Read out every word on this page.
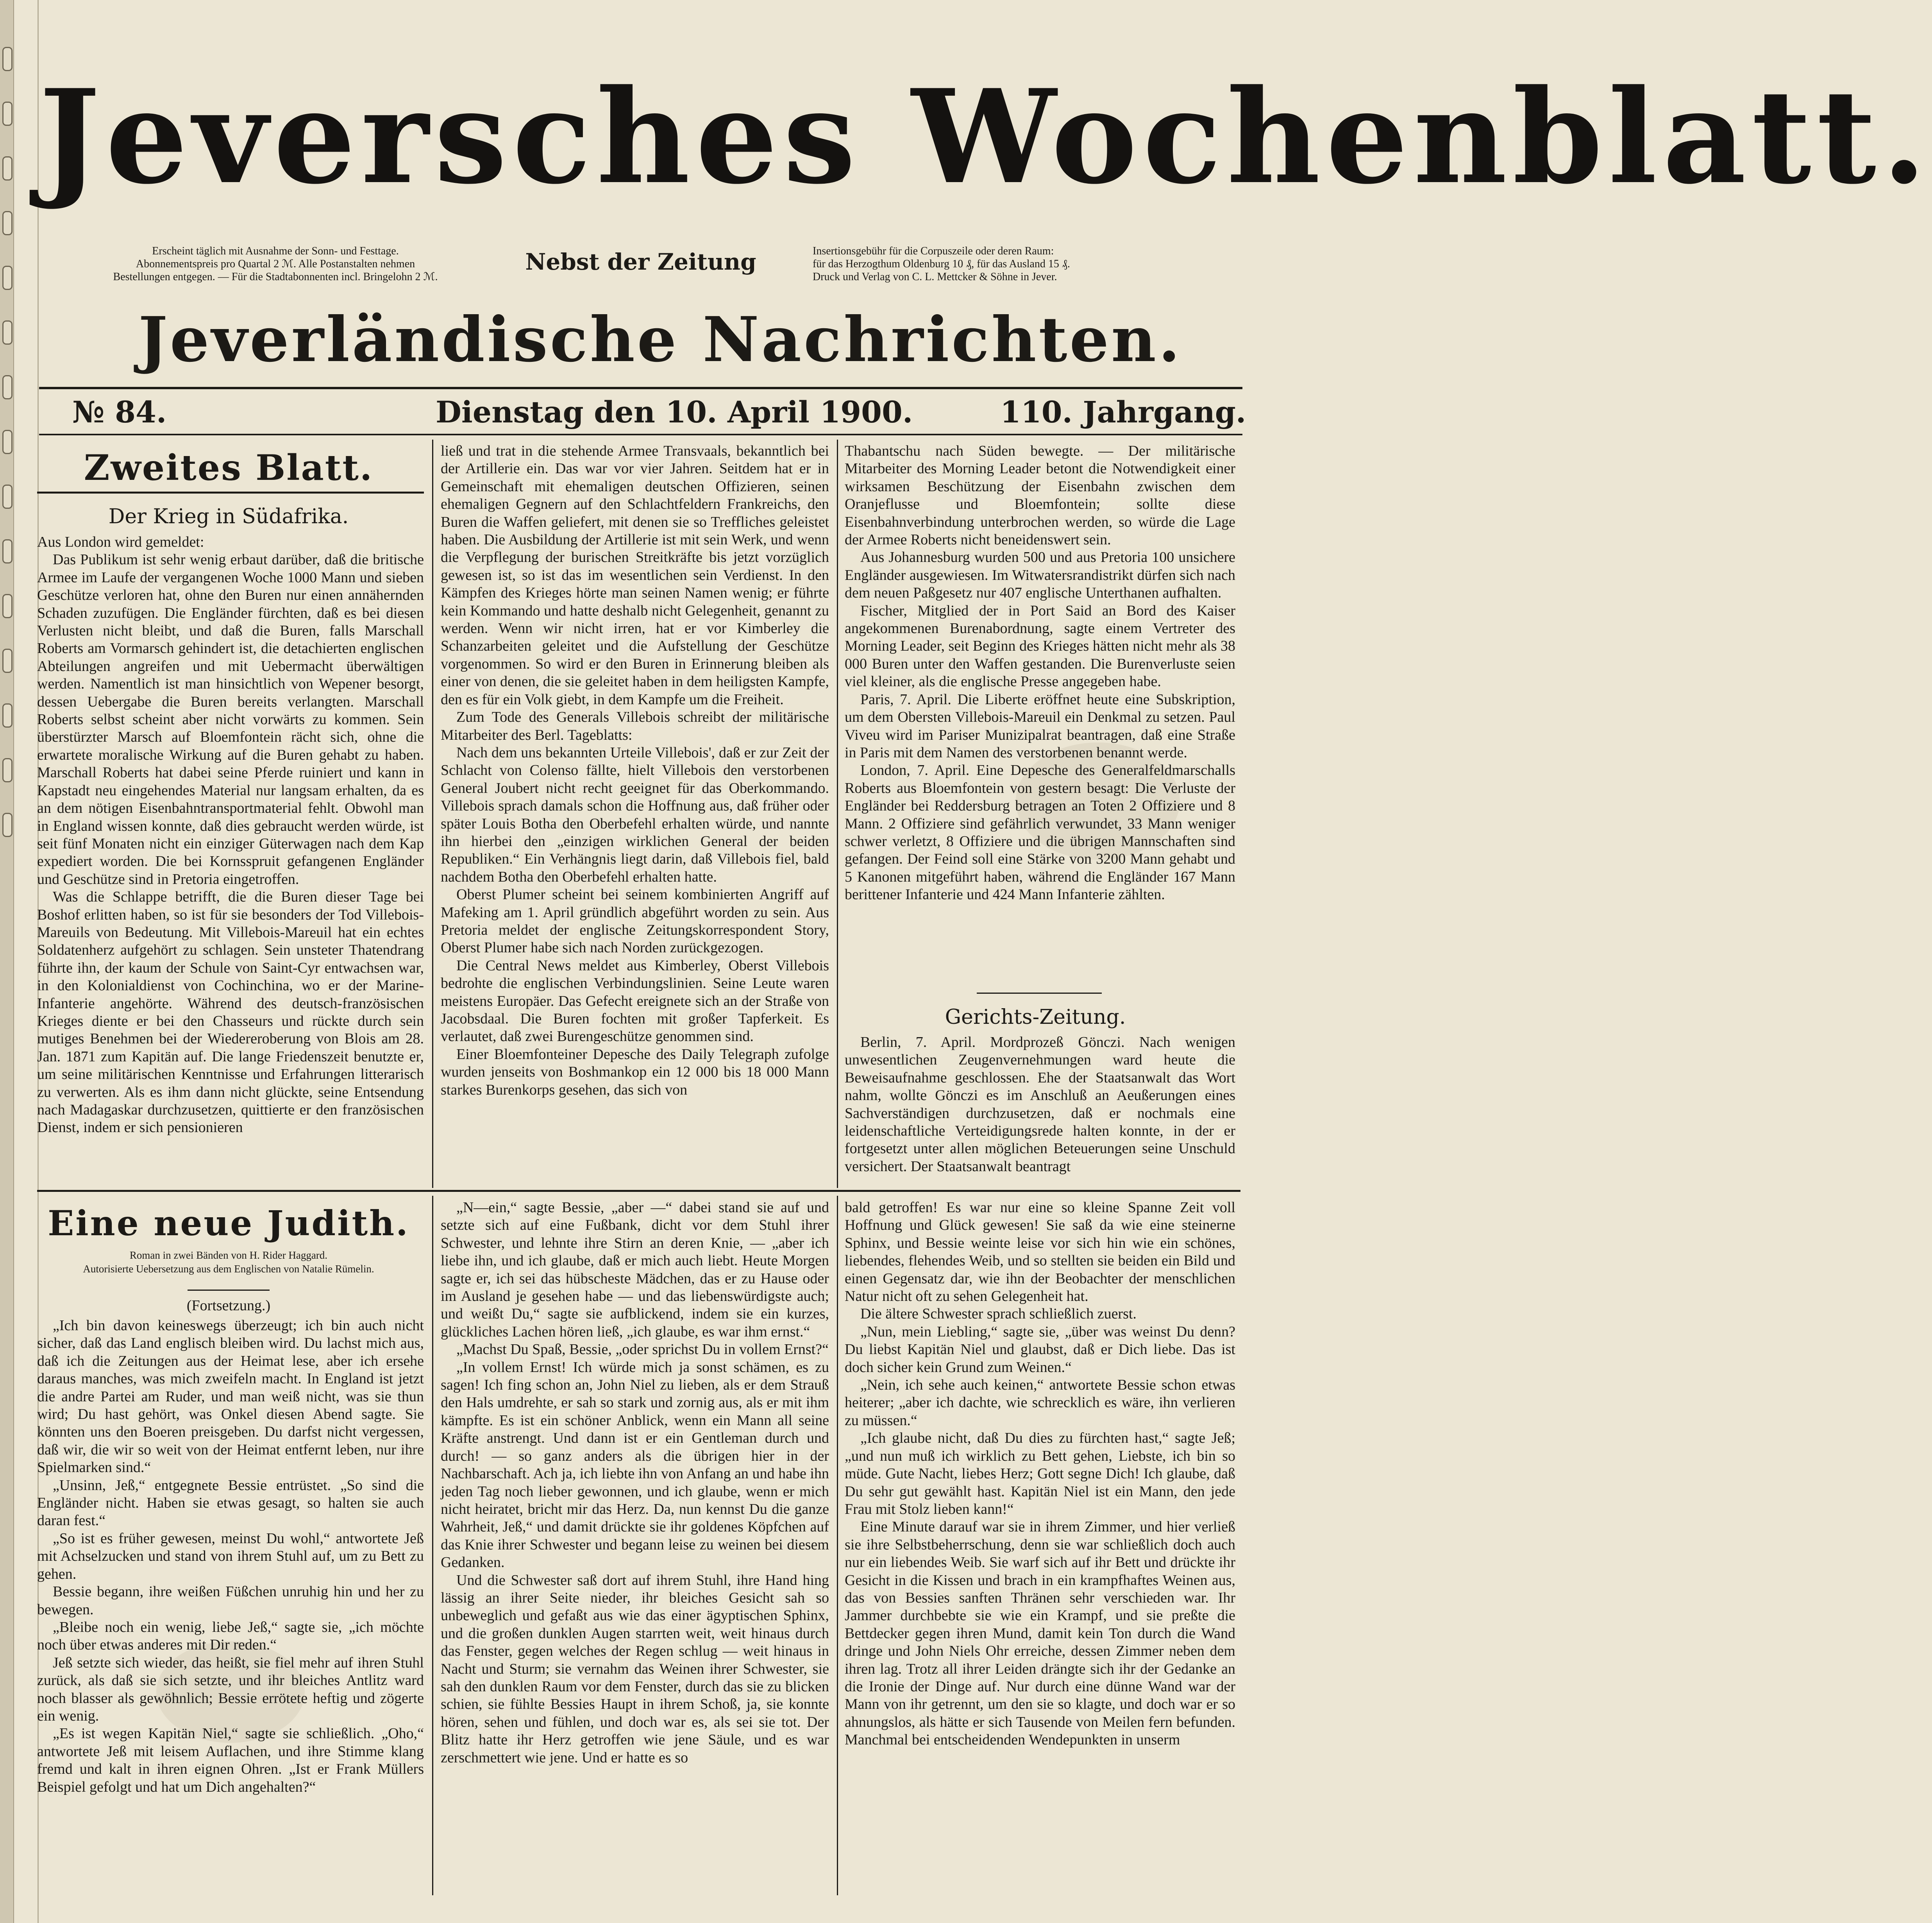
Jeversches Wochenblatt.
Erscheint täglich mit Ausnahme der Sonn- und Festtage.
Abonnementspreis pro Quartal 2 ℳ. Alle Postanstalten nehmen
Bestellungen entgegen. — Für die Stadtabonnenten incl. Bringelohn 2 ℳ.
Nebst der Zeitung	Insertionsgebühr für die Corpuszeile oder deren Raum:
für das Herzogthum Oldenburg 10 ₰, für das Ausland 15 ₰.
Druck und Verlag von C. L. Mettcker & Söhne in Jever.
Jeverländische Nachrichten.
№ 84.	Dienstag den 10. April 1900.	110. Jahrgang.
Zweites Blatt.
Der Krieg in Südafrika.

Aus London wird gemeldet:

Das Publikum ist sehr wenig erbaut darüber, daß die britische Armee im Laufe der vergangenen Woche 1000 Mann und sieben Geschütze verloren hat, ohne den Buren nur einen annähernden Schaden zuzufügen. Die Engländer fürchten, daß es bei diesen Verlusten nicht bleibt, und daß die Buren, falls Marschall Roberts am Vormarsch gehindert ist, die detachierten englischen Abteilungen angreifen und mit Uebermacht überwältigen werden. Namentlich ist man hinsichtlich von Wepener besorgt, dessen Uebergabe die Buren bereits verlangten. Marschall Roberts selbst scheint aber nicht vorwärts zu kommen. Sein überstürzter Marsch auf Bloemfontein rächt sich, ohne die erwartete moralische Wirkung auf die Buren gehabt zu haben. Marschall Roberts hat dabei seine Pferde ruiniert und kann in Kapstadt neu eingehendes Material nur langsam erhalten, da es an dem nötigen Eisenbahntransportmaterial fehlt. Obwohl man in England wissen konnte, daß dies gebraucht werden würde, ist seit fünf Monaten nicht ein einziger Güterwagen nach dem Kap expediert worden. Die bei Kornsspruit gefangenen Engländer und Geschütze sind in Pretoria eingetroffen.

Was die Schlappe betrifft, die die Buren dieser Tage bei Boshof erlitten haben, so ist für sie besonders der Tod Villebois-Mareuils von Bedeutung. Mit Villebois-Mareuil hat ein echtes Soldatenherz aufgehört zu schlagen. Sein unsteter Thatendrang führte ihn, der kaum der Schule von Saint-Cyr entwachsen war, in den Kolonialdienst von Cochinchina, wo er der Marine-Infanterie angehörte. Während des deutsch-französischen Krieges diente er bei den Chasseurs und rückte durch sein mutiges Benehmen bei der Wiedereroberung von Blois am 28. Jan. 1871 zum Kapitän auf. Die lange Friedenszeit benutzte er, um seine militärischen Kenntnisse und Erfahrungen litterarisch zu verwerten. Als es ihm dann nicht glückte, seine Entsendung nach Madagaskar durchzusetzen, quittierte er den französischen Dienst, indem er sich pensionieren

ließ und trat in die stehende Armee Transvaals, bekanntlich bei der Artillerie ein. Das war vor vier Jahren. Seitdem hat er in Gemeinschaft mit ehemaligen deutschen Offizieren, seinen ehemaligen Gegnern auf den Schlachtfeldern Frankreichs, den Buren die Waffen geliefert, mit denen sie so Treffliches geleistet haben. Die Ausbildung der Artillerie ist mit sein Werk, und wenn die Verpflegung der burischen Streitkräfte bis jetzt vorzüglich gewesen ist, so ist das im wesentlichen sein Verdienst. In den Kämpfen des Krieges hörte man seinen Namen wenig; er führte kein Kommando und hatte deshalb nicht Gelegenheit, genannt zu werden. Wenn wir nicht irren, hat er vor Kimberley die Schanzarbeiten geleitet und die Aufstellung der Geschütze vorgenommen. So wird er den Buren in Erinnerung bleiben als einer von denen, die sie geleitet haben in dem heiligsten Kampfe, den es für ein Volk giebt, in dem Kampfe um die Freiheit.

Zum Tode des Generals Villebois schreibt der militärische Mitarbeiter des Berl. Tageblatts:

Nach dem uns bekannten Urteile Villebois', daß er zur Zeit der Schlacht von Colenso fällte, hielt Villebois den verstorbenen General Joubert nicht recht geeignet für das Oberkommando. Villebois sprach damals schon die Hoffnung aus, daß früher oder später Louis Botha den Oberbefehl erhalten würde, und nannte ihn hierbei den „einzigen wirklichen General der beiden Republiken.“ Ein Verhängnis liegt darin, daß Villebois fiel, bald nachdem Botha den Oberbefehl erhalten hatte.

Oberst Plumer scheint bei seinem kombinierten Angriff auf Mafeking am 1. April gründlich abgeführt worden zu sein. Aus Pretoria meldet der englische Zeitungskorrespondent Story, Oberst Plumer habe sich nach Norden zurückgezogen.

Die Central News meldet aus Kimberley, Oberst Villebois bedrohte die englischen Verbindungslinien. Seine Leute waren meistens Europäer. Das Gefecht ereignete sich an der Straße von Jacobsdaal. Die Buren fochten mit großer Tapferkeit. Es verlautet, daß zwei Burengeschütze genommen sind.

Einer Bloemfonteiner Depesche des Daily Telegraph zufolge wurden jenseits von Boshmankop ein 12 000 bis 18 000 Mann starkes Burenkorps gesehen, das sich von

Thabantschu nach Süden bewegte. — Der militärische Mitarbeiter des Morning Leader betont die Notwendigkeit einer wirksamen Beschützung der Eisenbahn zwischen dem Oranjeflusse und Bloemfontein; sollte diese Eisenbahnverbindung unterbrochen werden, so würde die Lage der Armee Roberts nicht beneidenswert sein.

Aus Johannesburg wurden 500 und aus Pretoria 100 unsichere Engländer ausgewiesen. Im Witwatersrandistrikt dürfen sich nach dem neuen Paßgesetz nur 407 englische Unterthanen aufhalten.

Fischer, Mitglied der in Port Said an Bord des Kaiser angekommenen Burenabordnung, sagte einem Vertreter des Morning Leader, seit Beginn des Krieges hätten nicht mehr als 38 000 Buren unter den Waffen gestanden. Die Burenverluste seien viel kleiner, als die englische Presse angegeben habe.

Paris, 7. April. Die Liberte eröffnet heute eine Subskription, um dem Obersten Villebois-Mareuil ein Denkmal zu setzen. Paul Viveu wird im Pariser Munizipalrat beantragen, daß eine Straße in Paris mit dem Namen des verstorbenen benannt werde.

London, 7. April. Eine Depesche des Generalfeldmarschalls Roberts aus Bloemfontein von gestern besagt: Die Verluste der Engländer bei Reddersburg betragen an Toten 2 Offiziere und 8 Mann. 2 Offiziere sind gefährlich verwundet, 33 Mann weniger schwer verletzt, 8 Offiziere und die übrigen Mannschaften sind gefangen. Der Feind soll eine Stärke von 3200 Mann gehabt und 5 Kanonen mitgeführt haben, während die Engländer 167 Mann berittener Infanterie und 424 Mann Infanterie zählten.

Gerichts-Zeitung.

Berlin, 7. April. Mordprozeß Gönczi. Nach wenigen unwesentlichen Zeugenvernehmungen ward heute die Beweisaufnahme geschlossen. Ehe der Staatsanwalt das Wort nahm, wollte Gönczi es im Anschluß an Aeußerungen eines Sachverständigen durchzusetzen, daß er nochmals eine leidenschaftliche Verteidigungsrede halten konnte, in der er fortgesetzt unter allen möglichen Beteuerungen seine Unschuld versichert. Der Staatsanwalt beantragt

Eine neue Judith.
Roman in zwei Bänden von H. Rider Haggard.
Autorisierte Uebersetzung aus dem Englischen von Natalie Rümelin.
(Fortsetzung.)

„Ich bin davon keineswegs überzeugt; ich bin auch nicht sicher, daß das Land englisch bleiben wird. Du lachst mich aus, daß ich die Zeitungen aus der Heimat lese, aber ich ersehe daraus manches, was mich zweifeln macht. In England ist jetzt die andre Partei am Ruder, und man weiß nicht, was sie thun wird; Du hast gehört, was Onkel diesen Abend sagte. Sie könnten uns den Boeren preisgeben. Du darfst nicht vergessen, daß wir, die wir so weit von der Heimat entfernt leben, nur ihre Spielmarken sind.“

„Unsinn, Jeß,“ entgegnete Bessie entrüstet. „So sind die Engländer nicht. Haben sie etwas gesagt, so halten sie auch daran fest.“

„So ist es früher gewesen, meinst Du wohl,“ antwortete Jeß mit Achselzucken und stand von ihrem Stuhl auf, um zu Bett zu gehen.

Bessie begann, ihre weißen Füßchen unruhig hin und her zu bewegen.

„Bleibe noch ein wenig, liebe Jeß,“ sagte sie, „ich möchte noch über etwas anderes mit Dir reden.“

Jeß setzte sich wieder, das heißt, sie fiel mehr auf ihren Stuhl zurück, als daß sie sich setzte, und ihr bleiches Antlitz ward noch blasser als gewöhnlich; Bessie errötete heftig und zögerte ein wenig.

„Es ist wegen Kapitän Niel,“ sagte sie schließlich. „Oho,“ antwortete Jeß mit leisem Auflachen, und ihre Stimme klang fremd und kalt in ihren eignen Ohren. „Ist er Frank Müllers Beispiel gefolgt und hat um Dich angehalten?“

„N—ein,“ sagte Bessie, „aber —“ dabei stand sie auf und setzte sich auf eine Fußbank, dicht vor dem Stuhl ihrer Schwester, und lehnte ihre Stirn an deren Knie, — „aber ich liebe ihn, und ich glaube, daß er mich auch liebt. Heute Morgen sagte er, ich sei das hübscheste Mädchen, das er zu Hause oder im Ausland je gesehen habe — und das liebenswürdigste auch; und weißt Du,“ sagte sie aufblickend, indem sie ein kurzes, glückliches Lachen hören ließ, „ich glaube, es war ihm ernst.“

„Machst Du Spaß, Bessie, „oder sprichst Du in vollem Ernst?“

„In vollem Ernst! Ich würde mich ja sonst schämen, es zu sagen! Ich fing schon an, John Niel zu lieben, als er dem Strauß den Hals umdrehte, er sah so stark und zornig aus, als er mit ihm kämpfte. Es ist ein schöner Anblick, wenn ein Mann all seine Kräfte anstrengt. Und dann ist er ein Gentleman durch und durch! — so ganz anders als die übrigen hier in der Nachbarschaft. Ach ja, ich liebte ihn von Anfang an und habe ihn jeden Tag noch lieber gewonnen, und ich glaube, wenn er mich nicht heiratet, bricht mir das Herz. Da, nun kennst Du die ganze Wahrheit, Jeß,“ und damit drückte sie ihr goldenes Köpfchen auf das Knie ihrer Schwester und begann leise zu weinen bei diesem Gedanken.

Und die Schwester saß dort auf ihrem Stuhl, ihre Hand hing lässig an ihrer Seite nieder, ihr bleiches Gesicht sah so unbeweglich und gefaßt aus wie das einer ägyptischen Sphinx, und die großen dunklen Augen starrten weit, weit hinaus durch das Fenster, gegen welches der Regen schlug — weit hinaus in Nacht und Sturm; sie vernahm das Weinen ihrer Schwester, sie sah den dunklen Raum vor dem Fenster, durch das sie zu blicken schien, sie fühlte Bessies Haupt in ihrem Schoß, ja, sie konnte hören, sehen und fühlen, und doch war es, als sei sie tot. Der Blitz hatte ihr Herz getroffen wie jene Säule, und es war zerschmettert wie jene. Und er hatte es so

bald getroffen! Es war nur eine so kleine Spanne Zeit voll Hoffnung und Glück gewesen! Sie saß da wie eine steinerne Sphinx, und Bessie weinte leise vor sich hin wie ein schönes, liebendes, flehendes Weib, und so stellten sie beiden ein Bild und einen Gegensatz dar, wie ihn der Beobachter der menschlichen Natur nicht oft zu sehen Gelegenheit hat.

Die ältere Schwester sprach schließlich zuerst.

„Nun, mein Liebling,“ sagte sie, „über was weinst Du denn? Du liebst Kapitän Niel und glaubst, daß er Dich liebe. Das ist doch sicher kein Grund zum Weinen.“

„Nein, ich sehe auch keinen,“ antwortete Bessie schon etwas heiterer; „aber ich dachte, wie schrecklich es wäre, ihn verlieren zu müssen.“

„Ich glaube nicht, daß Du dies zu fürchten hast,“ sagte Jeß; „und nun muß ich wirklich zu Bett gehen, Liebste, ich bin so müde. Gute Nacht, liebes Herz; Gott segne Dich! Ich glaube, daß Du sehr gut gewählt hast. Kapitän Niel ist ein Mann, den jede Frau mit Stolz lieben kann!“

Eine Minute darauf war sie in ihrem Zimmer, und hier verließ sie ihre Selbstbeherrschung, denn sie war schließlich doch auch nur ein liebendes Weib. Sie warf sich auf ihr Bett und drückte ihr Gesicht in die Kissen und brach in ein krampfhaftes Weinen aus, das von Bessies sanften Thränen sehr verschieden war. Ihr Jammer durchbebte sie wie ein Krampf, und sie preßte die Bettdecker gegen ihren Mund, damit kein Ton durch die Wand dringe und John Niels Ohr erreiche, dessen Zimmer neben dem ihren lag. Trotz all ihrer Leiden drängte sich ihr der Gedanke an die Ironie der Dinge auf. Nur durch eine dünne Wand war der Mann von ihr getrennt, um den sie so klagte, und doch war er so ahnungslos, als hätte er sich Tausende von Meilen fern befunden. Manchmal bei entscheidenden Wendepunkten in unserm
